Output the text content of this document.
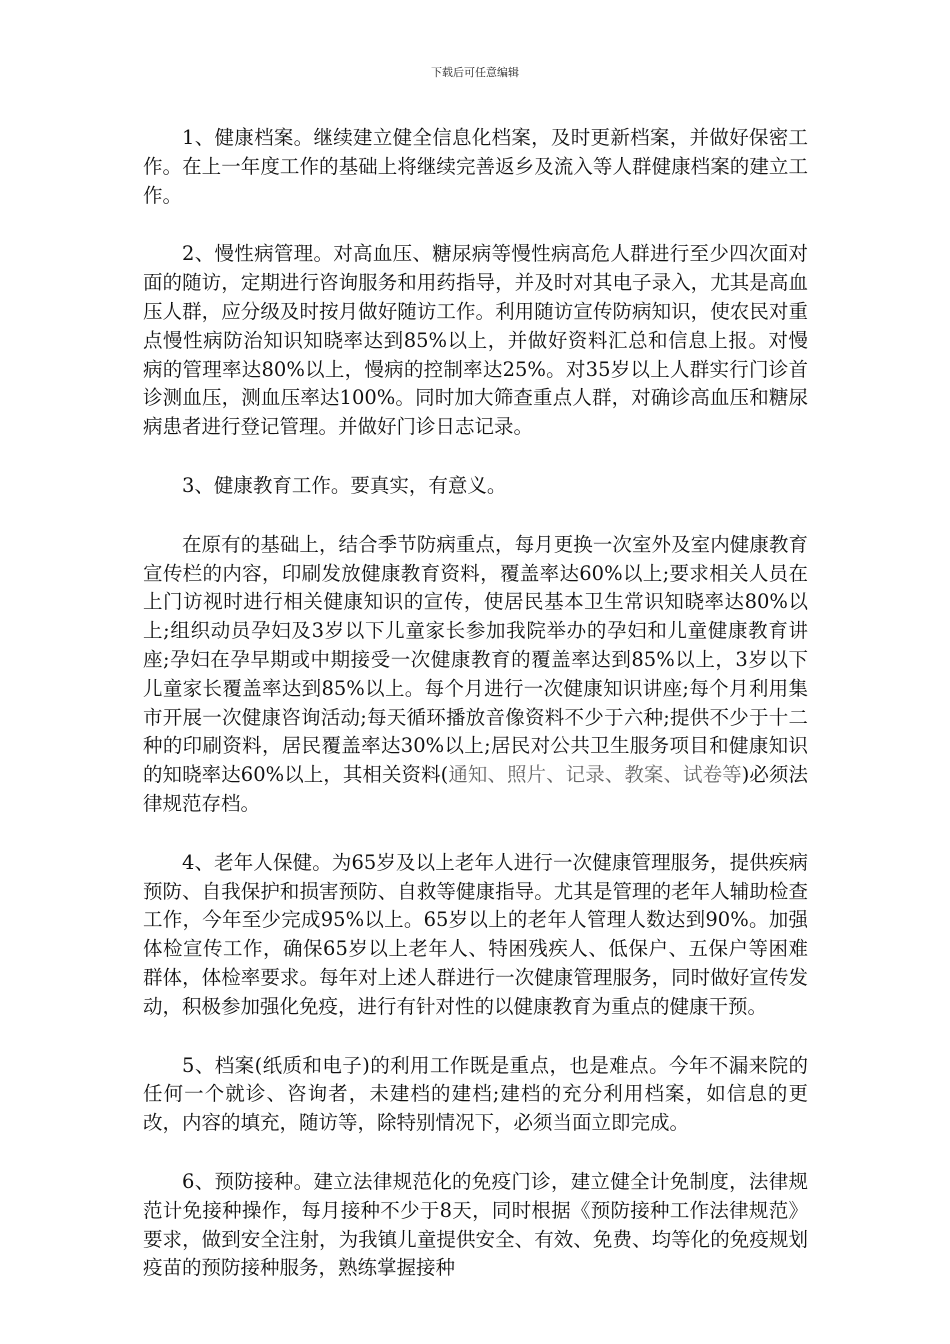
下载后可任意编辑

1、健康档案。继续建立健全信息化档案，及时更新档案，并做好保密工作。在上一年度工作的基础上将继续完善返乡及流入等人群健康档案的建立工作。

2、慢性病管理。对高血压、糖尿病等慢性病高危人群进行至少四次面对面的随访，定期进行咨询服务和用药指导，并及时对其电子录入，尤其是高血压人群，应分级及时按月做好随访工作。利用随访宣传防病知识，使农民对重点慢性病防治知识知晓率达到85%以上，并做好资料汇总和信息上报。对慢病的管理率达80%以上，慢病的控制率达25%。对35岁以上人群实行门诊首诊测血压，测血压率达100%。同时加大筛查重点人群，对确诊高血压和糖尿病患者进行登记管理。并做好门诊日志记录。

3、健康教育工作。要真实，有意义。

在原有的基础上，结合季节防病重点，每月更换一次室外及室内健康教育宣传栏的内容，印刷发放健康教育资料，覆盖率达60%以上;要求相关人员在上门访视时进行相关健康知识的宣传，使居民基本卫生常识知晓率达80%以上;组织动员孕妇及3岁以下儿童家长参加我院举办的孕妇和儿童健康教育讲座;孕妇在孕早期或中期接受一次健康教育的覆盖率达到85%以上，3岁以下儿童家长覆盖率达到85%以上。每个月进行一次健康知识讲座;每个月利用集市开展一次健康咨询活动;每天循环播放音像资料不少于六种;提供不少于十二种的印刷资料，居民覆盖率达30%以上;居民对公共卫生服务项目和健康知识的知晓率达60%以上，其相关资料(通知、照片、记录、教案、试卷等)必须法律规范存档。

4、老年人保健。为65岁及以上老年人进行一次健康管理服务，提供疾病预防、自我保护和损害预防、自救等健康指导。尤其是管理的老年人辅助检查工作，今年至少完成95%以上。65岁以上的老年人管理人数达到90%。加强体检宣传工作，确保65岁以上老年人、特困残疾人、低保户、五保户等困难群体，体检率要求。每年对上述人群进行一次健康管理服务，同时做好宣传发动，积极参加强化免疫，进行有针对性的以健康教育为重点的健康干预。

5、档案(纸质和电子)的利用工作既是重点，也是难点。今年不漏来院的任何一个就诊、咨询者，未建档的建档;建档的充分利用档案，如信息的更改，内容的填充，随访等，除特别情况下，必须当面立即完成。

6、预防接种。建立法律规范化的免疫门诊，建立健全计免制度，法律规范计免接种操作，每月接种不少于8天，同时根据《预防接种工作法律规范》要求，做到安全注射，为我镇儿童提供安全、有效、免费、均等化的免疫规划疫苗的预防接种服务，熟练掌握接种
